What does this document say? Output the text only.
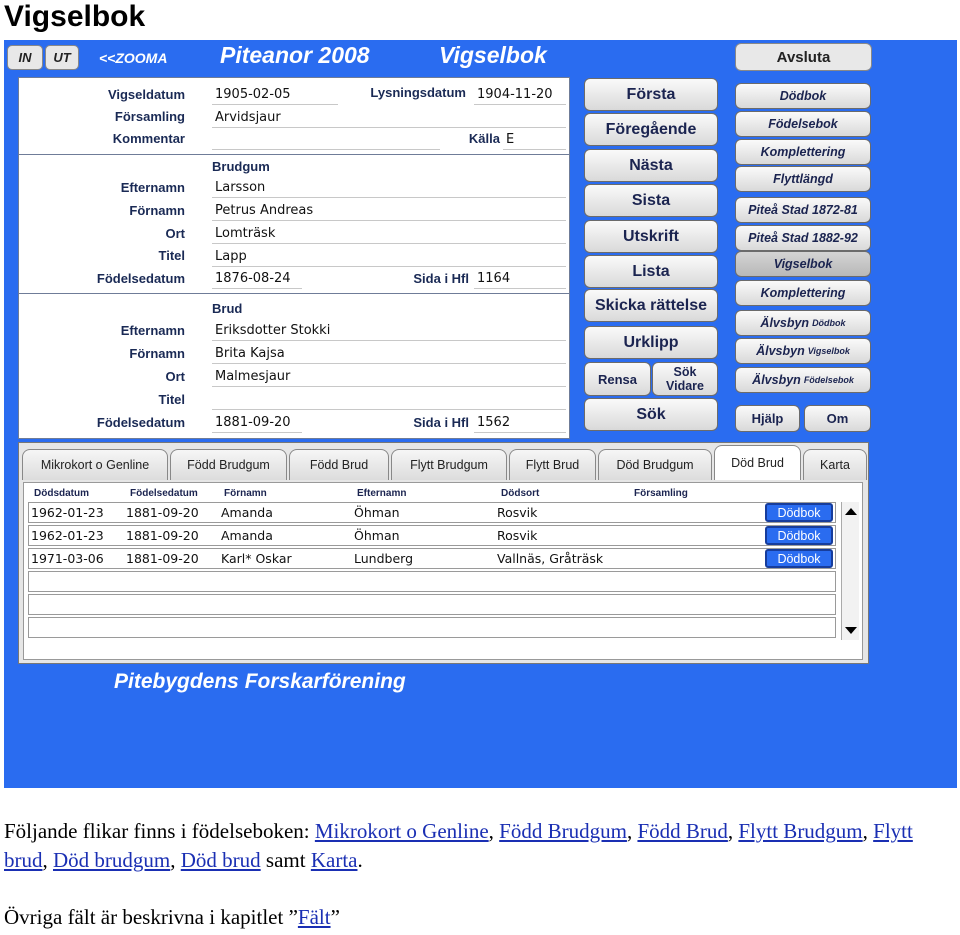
Vigselbok
IN	UT	<<ZOOMA Piteanor 2008	Vigselbok	Avsluta
Vigseldatum 1905-02-05	Lysningsdatum 1904-11-20
Församling Arvidsjaur
Kommentar	Källa E
Brudgum
Efternamn Larsson
Förnamn Petrus Andreas
Ort Lomträsk
Titel Lapp
Födelsedatum 1876-08-24	Sida i Hfl 1164
Brud
Efternamn Eriksdotter Stokki
Förnamn Brita Kajsa
Ort Malmesjaur
Titel
Födelsedatum 1881-09-20	Sida i Hfl 1562
Första
Föregående
Nästa
Sista
Utskrift
Lista
Skicka rättelse
Urklipp
Rensa	Sök
Vidare
Sök
Dödbok
Födelsebok
Komplettering
Flyttlängd
Piteå Stad 1872-81
Piteå Stad 1882-92
Vigselbok
Komplettering
Älvsbyn Dödbok
Älvsbyn Vigselbok
Älvsbyn Födelsebok
Hjälp	Om
Mikrokort o Genline	Född Brudgum	Född Brud	Flytt Brudgum	Flytt Brud	Död Brudgum	Död Brud	Karta
Dödsdatum	Födelsedatum	Förnamn	Efternamn	Dödsort	Församling
1962-01-23 1881-09-20 Amanda	Öhman	Rosvik
1962-01-23 1881-09-20 Amanda	Öhman	Rosvik
1971-03-06 1881-09-20 Karl* Oskar	Lundberg	Vallnäs, Gråträsk
Dödbok
Dödbok
Dödbok
Pitebygdens Forskarförening
Följande flikar finns i födelseboken: Mikrokort o Genline, Född Brudgum, Född Brud, Flytt Brudgum, Flytt brud, Död brudgum, Död brud samt Karta.
Övriga fält är beskrivna i kapitlet ”Fält”
